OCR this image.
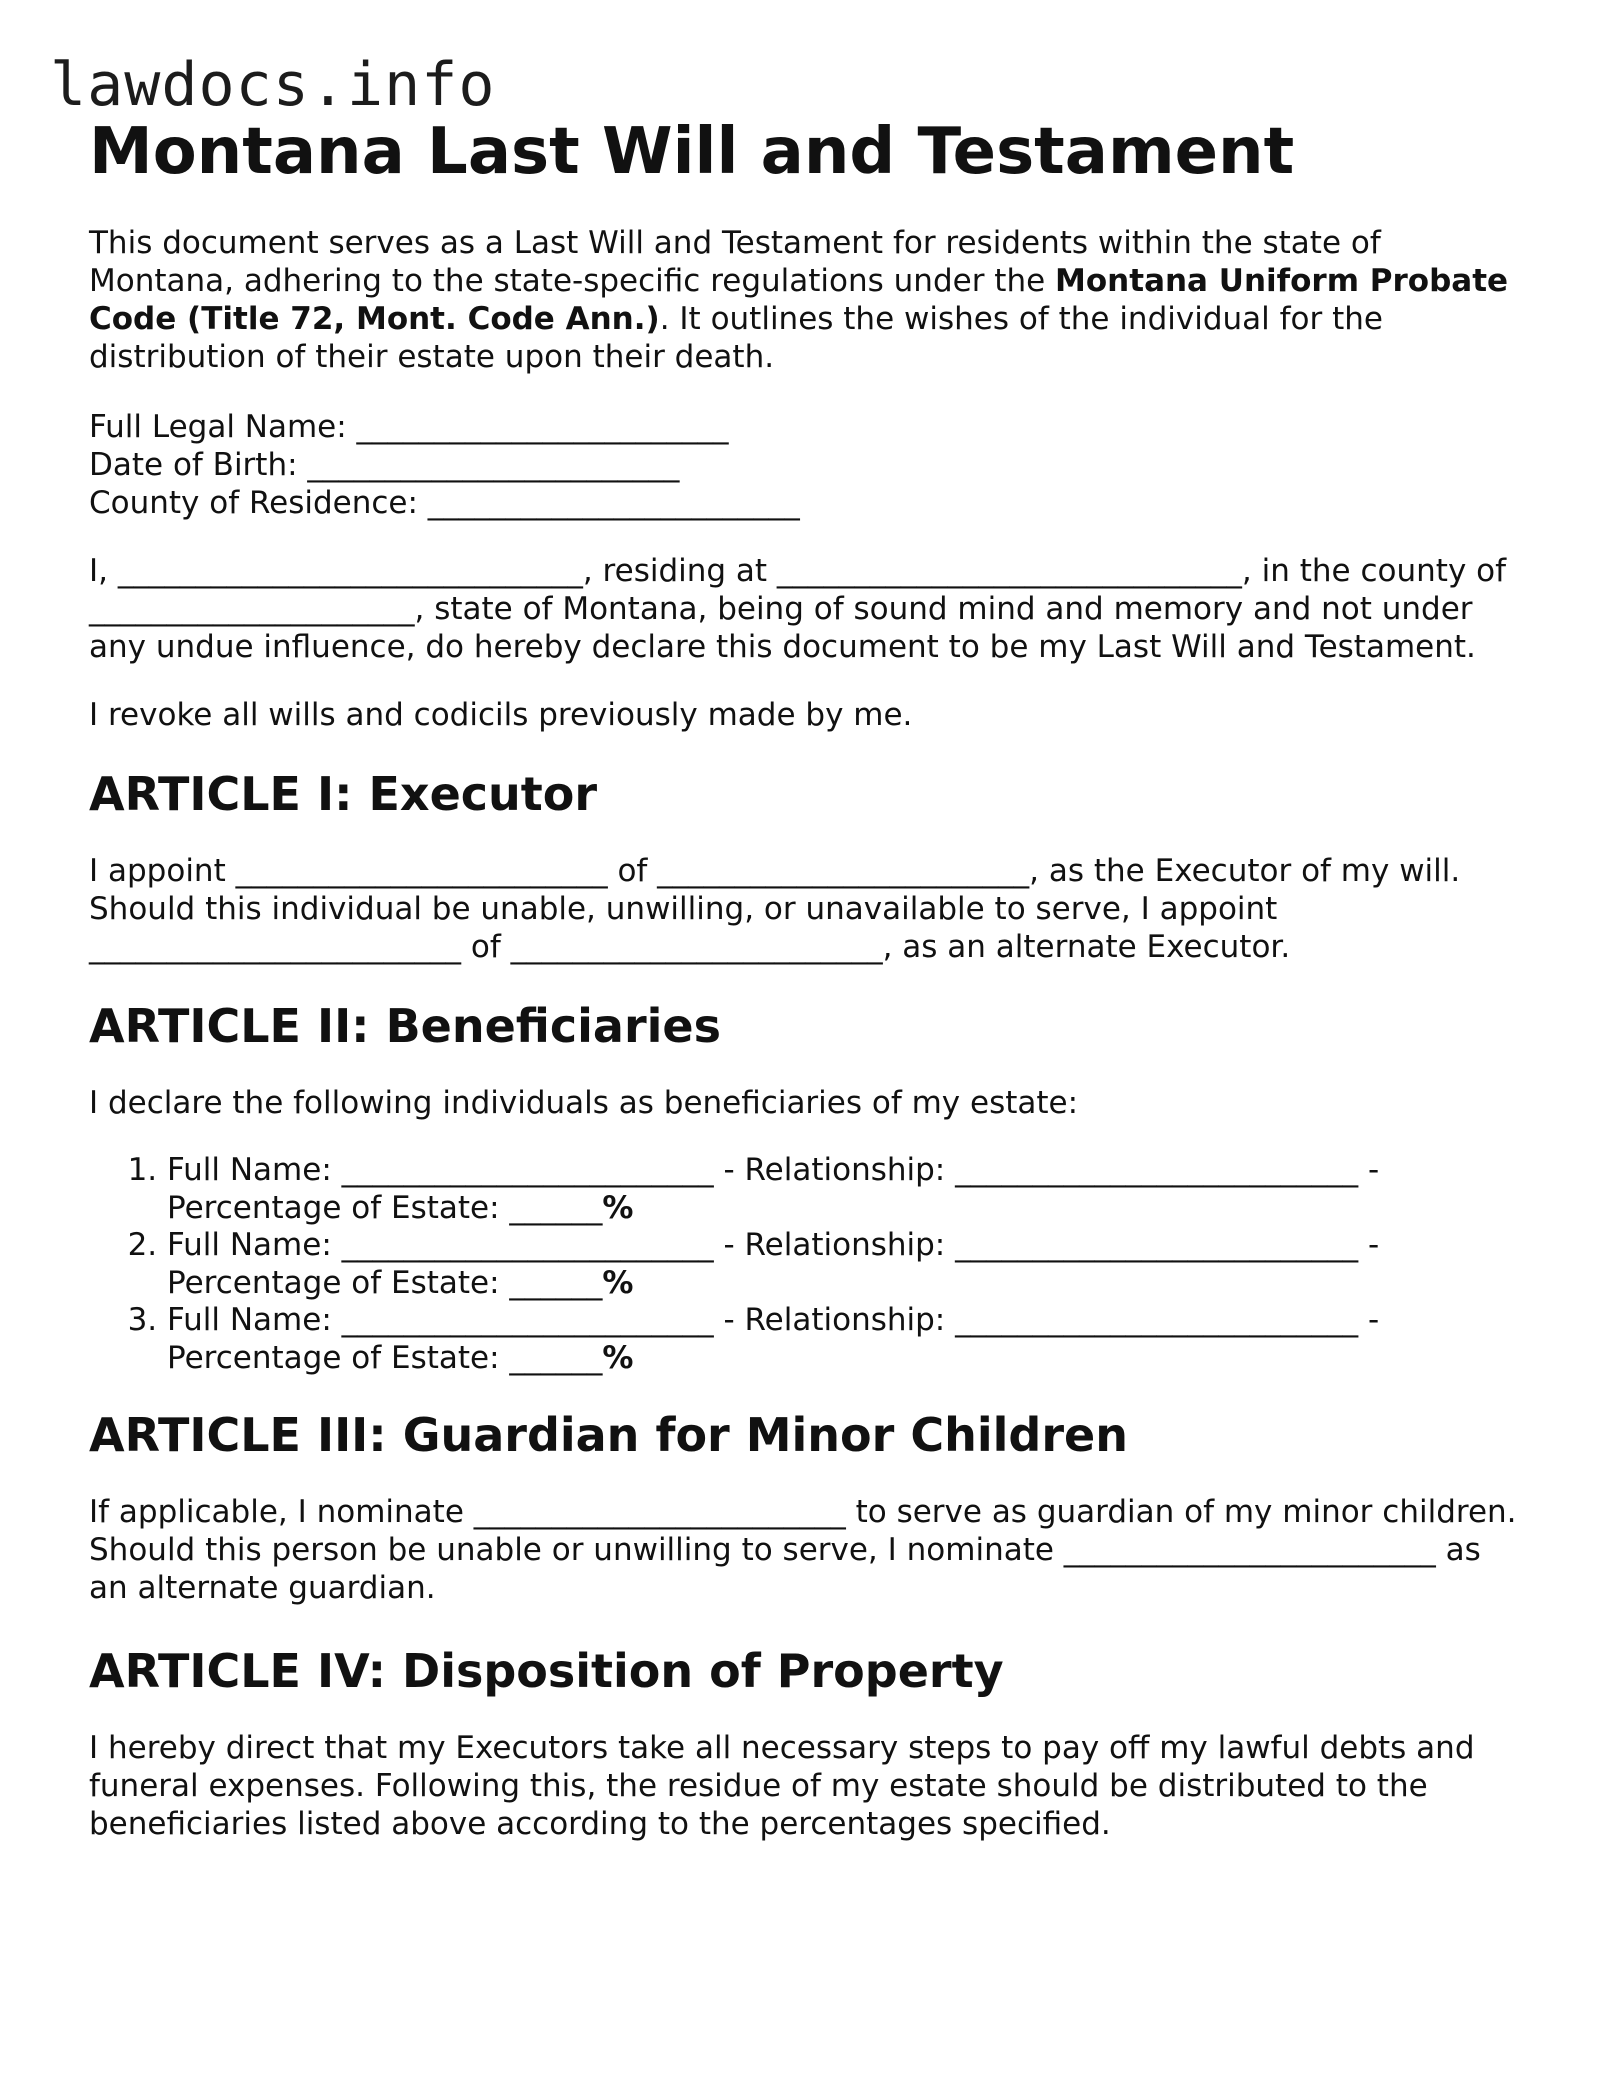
lawdocs.info
Montana Last Will and Testament

This document serves as a Last Will and Testament for residents within the state of Montana, adhering to the state-specific regulations under the Montana Uniform Probate Code (Title 72, Mont. Code Ann.). It outlines the wishes of the individual for the distribution of their estate upon their death.

Full Legal Name: ________________________

Date of Birth: ________________________

County of Residence: ________________________

I, ______________________________, residing at ______________________________, in the county of _____________________, state of Montana, being of sound mind and memory and not under any undue influence, do hereby declare this document to be my Last Will and Testament.

I revoke all wills and codicils previously made by me.

ARTICLE I: Executor

I appoint ________________________ of ________________________, as the Executor of my will. Should this individual be unable, unwilling, or unavailable to serve, I appoint ________________________ of ________________________, as an alternate Executor.

ARTICLE II: Beneficiaries

I declare the following individuals as beneficiaries of my estate:

1. Full Name: ________________________ - Relationship: __________________________ - Percentage of Estate: ______%
2. Full Name: ________________________ - Relationship: __________________________ - Percentage of Estate: ______%
3. Full Name: ________________________ - Relationship: __________________________ - Percentage of Estate: ______%
ARTICLE III: Guardian for Minor Children

If applicable, I nominate ________________________ to serve as guardian of my minor children. Should this person be unable or unwilling to serve, I nominate ________________________ as an alternate guardian.

ARTICLE IV: Disposition of Property

I hereby direct that my Executors take all necessary steps to pay off my lawful debts and funeral expenses. Following this, the residue of my estate should be distributed to the beneficiaries listed above according to the percentages specified.
